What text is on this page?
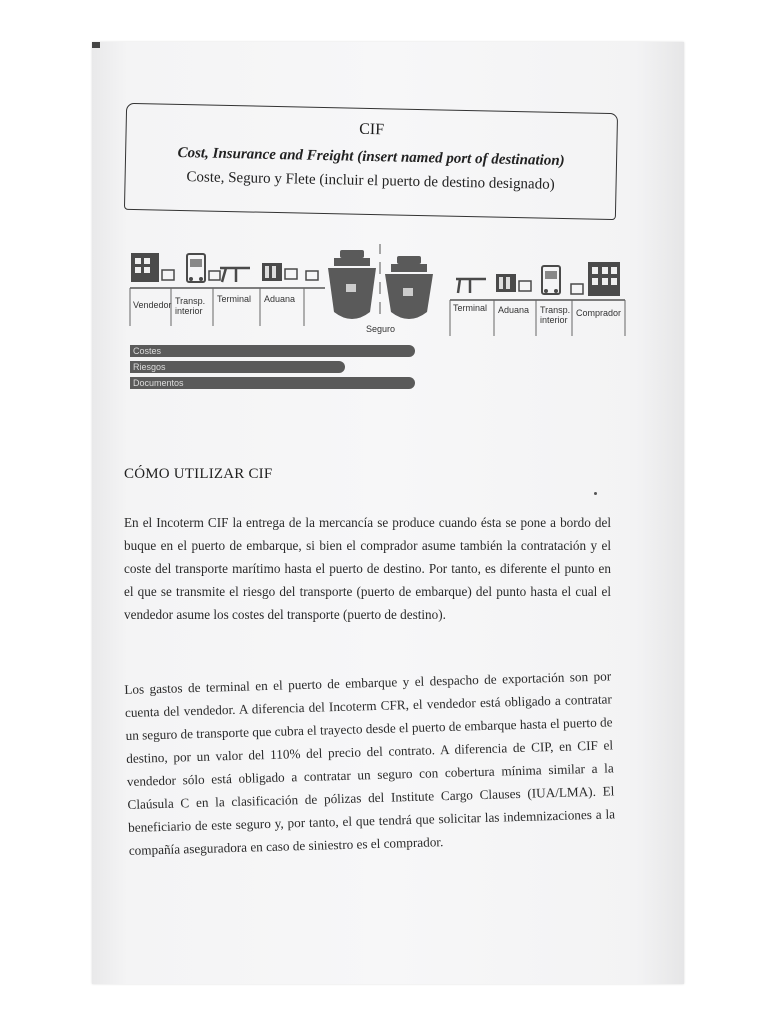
CIF
Cost, Insurance and Freight (insert named port of destination)
Coste, Seguro y Flete (incluir el puerto de destino designado)
Vendedor Transp. interior
Terminal Aduana
Seguro
Terminal Aduana Transp. interior
Comprador
Costes
Riesgos
Documentos
CÓMO UTILIZAR CIF

En el Incoterm CIF la entrega de la mercancía se produce cuando ésta se pone a bordo del buque en el puerto de embarque, si bien el comprador asume también la contratación y el coste del transporte marítimo hasta el puerto de destino. Por tanto, es diferente el punto en el que se transmite el riesgo del transporte (puerto de embarque) del punto hasta el cual el vendedor asume los costes del transporte (puerto de destino).

Los gastos de terminal en el puerto de embarque y el despacho de exportación son por cuenta del vendedor. A diferencia del Incoterm CFR, el vendedor está obligado a contratar un seguro de transporte que cubra el trayecto desde el puerto de embarque hasta el puerto de destino, por un valor del 110% del precio del contrato. A diferencia de CIP, en CIF el vendedor sólo está obligado a contratar un seguro con cobertura mínima similar a la Claúsula C en la clasificación de pólizas del Institute Cargo Clauses (IUA/LMA). El beneficiario de este seguro y, por tanto, el que tendrá que solicitar las indemnizaciones a la compañía aseguradora en caso de siniestro es el comprador.
